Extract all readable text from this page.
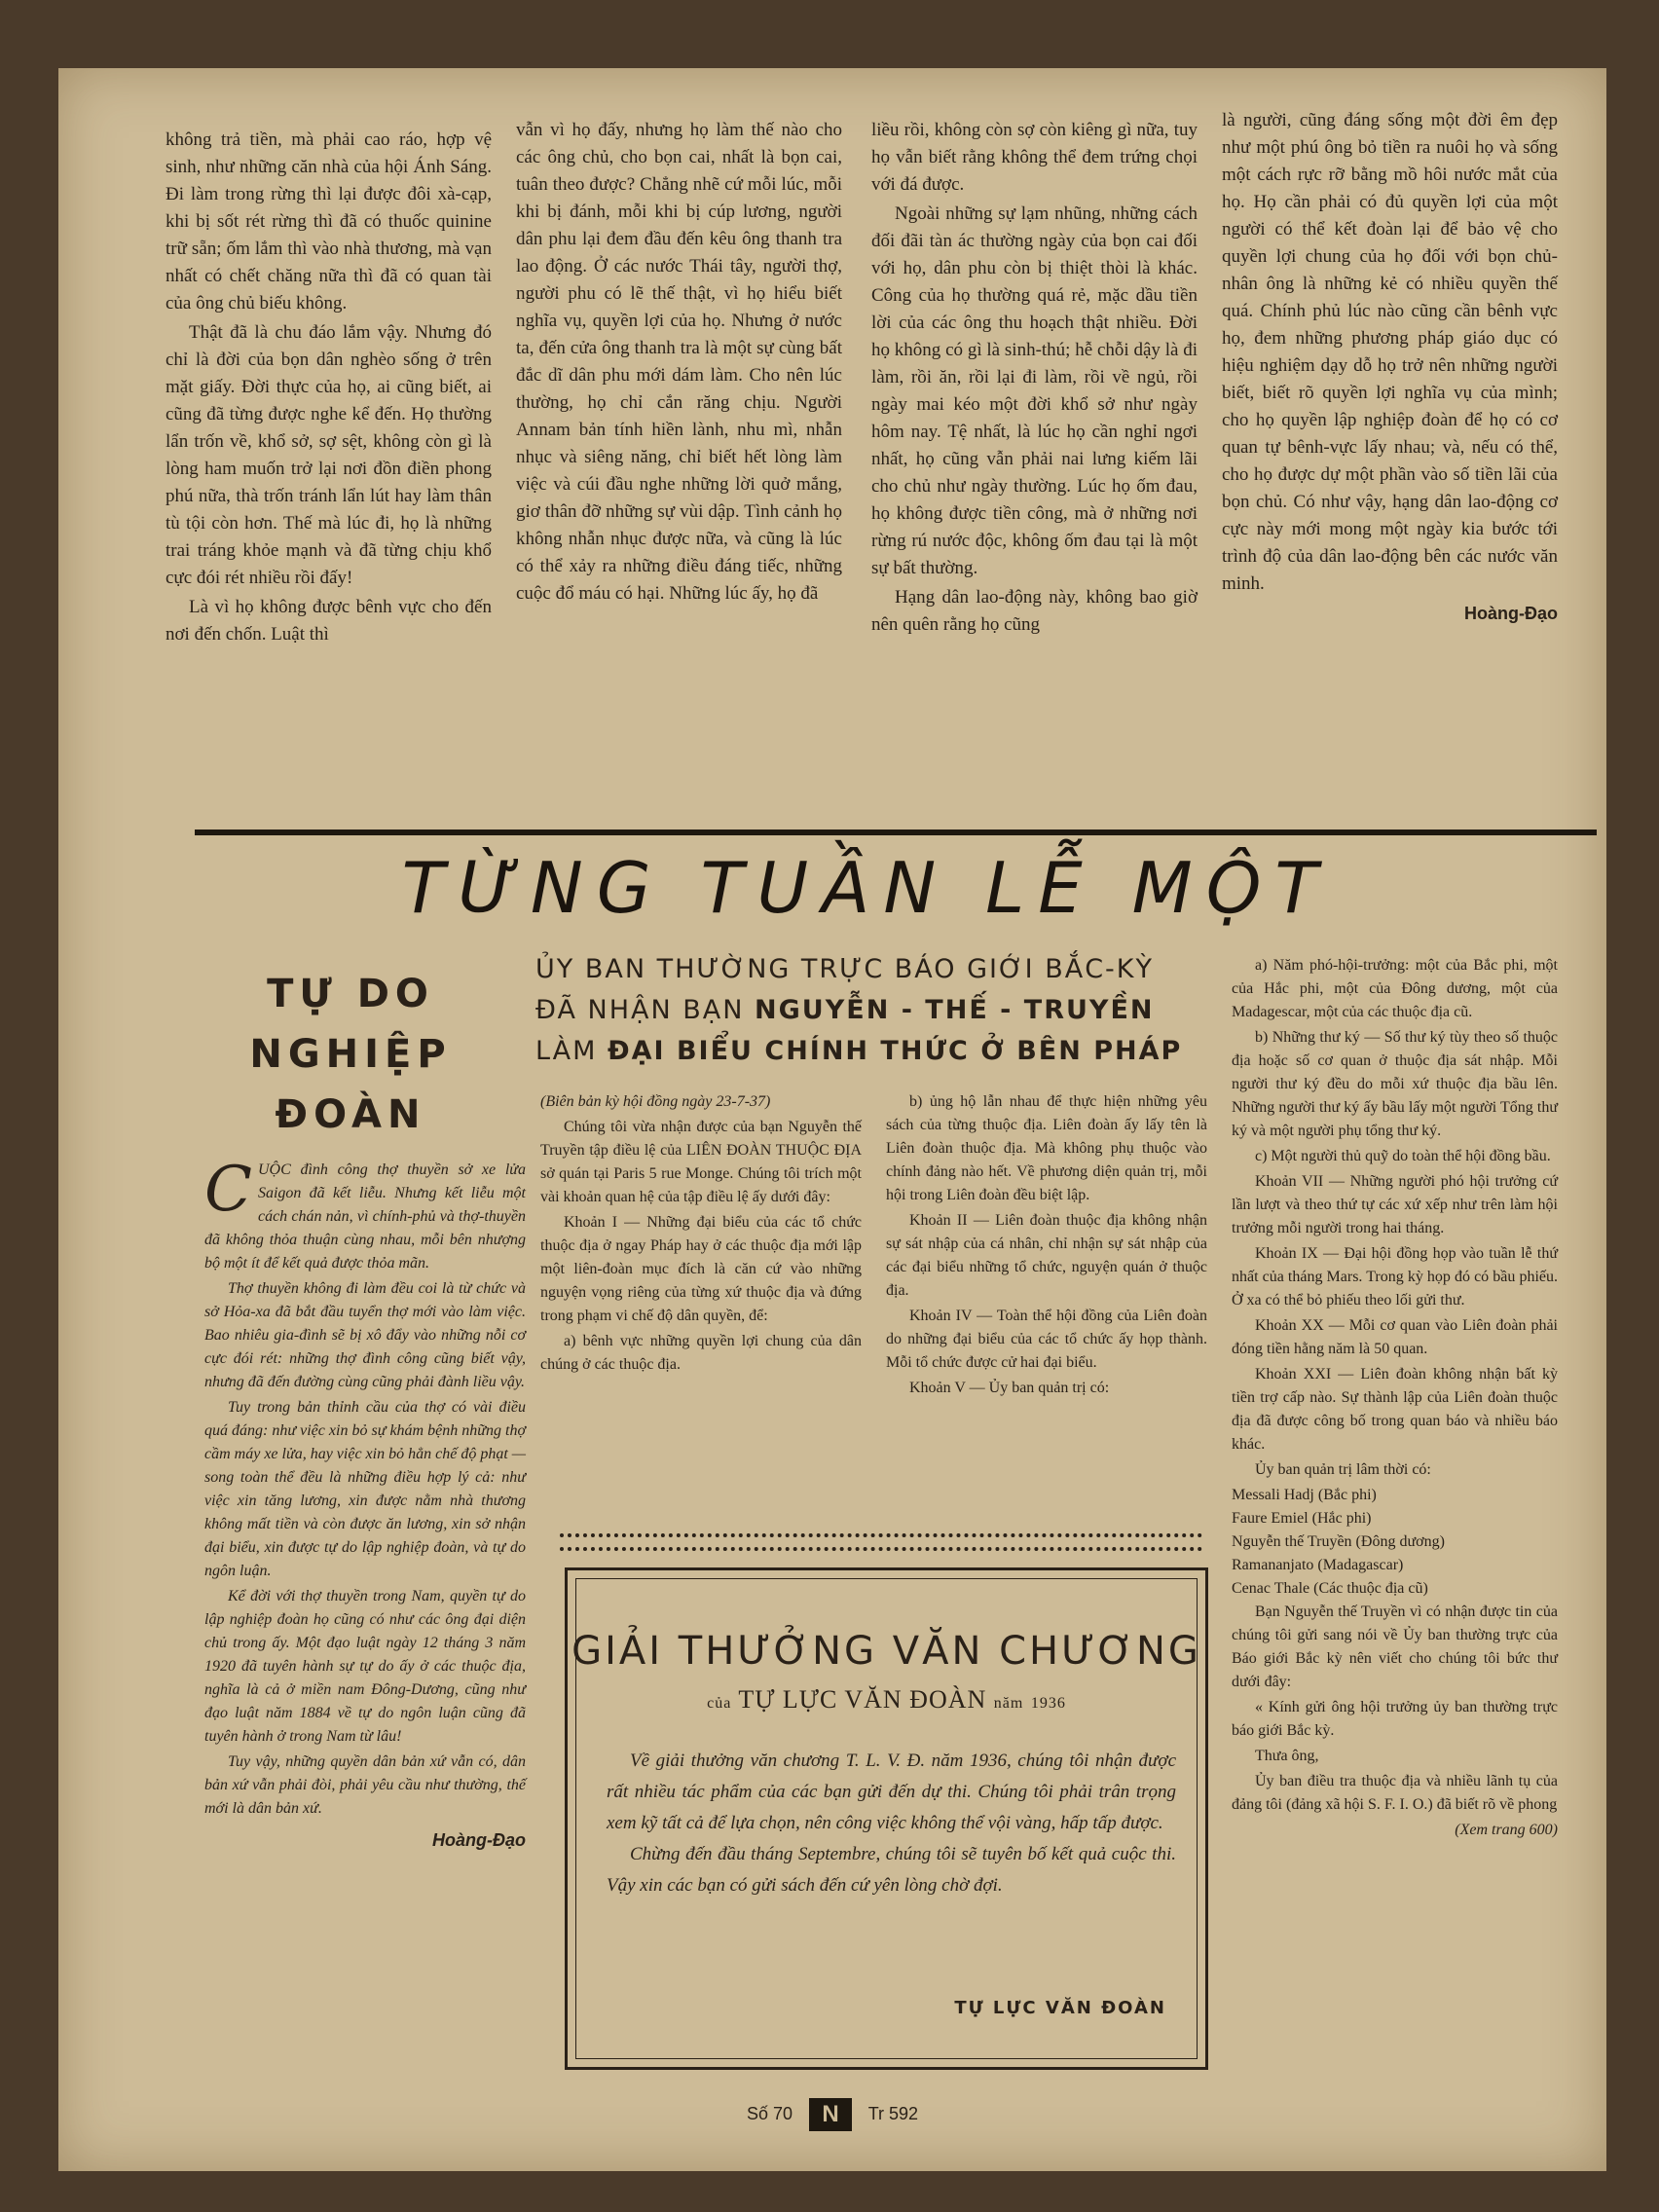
không trả tiền, mà phải cao ráo, hợp vệ sinh, như những căn nhà của hội Ánh Sáng. Đi làm trong rừng thì lại được đôi xà-cạp, khi bị sốt rét rừng thì đã có thuốc quinine trữ sẵn; ốm lắm thì vào nhà thương, mà vạn nhất có chết chăng nữa thì đã có quan tài của ông chủ biếu không.

Thật đã là chu đáo lắm vậy. Nhưng đó chỉ là đời của bọn dân nghèo sống ở trên mặt giấy. Đời thực của họ, ai cũng biết, ai cũng đã từng được nghe kể đến. Họ thường lẩn trốn về, khổ sở, sợ sệt, không còn gì là lòng ham muốn trở lại nơi đồn điền phong phú nữa, thà trốn tránh lẩn lút hay làm thân tù tội còn hơn. Thế mà lúc đi, họ là những trai tráng khỏe mạnh và đã từng chịu khổ cực đói rét nhiều rồi đấy!

Là vì họ không được bênh vực cho đến nơi đến chốn. Luật thì

vẫn vì họ đấy, nhưng họ làm thế nào cho các ông chủ, cho bọn cai, nhất là bọn cai, tuân theo được? Chẳng nhẽ cứ mỗi lúc, mỗi khi bị đánh, mỗi khi bị cúp lương, người dân phu lại đem đầu đến kêu ông thanh tra lao động. Ở các nước Thái tây, người thợ, người phu có lẽ thế thật, vì họ hiểu biết nghĩa vụ, quyền lợi của họ. Nhưng ở nước ta, đến cửa ông thanh tra là một sự cùng bất đắc dĩ dân phu mới dám làm. Cho nên lúc thường, họ chỉ cắn răng chịu. Người Annam bản tính hiền lành, nhu mì, nhẫn nhục và siêng năng, chỉ biết hết lòng làm việc và cúi đầu nghe những lời quở mắng, giơ thân đỡ những sự vùi dập. Tình cảnh họ không nhẫn nhục được nữa, và cũng là lúc có thể xảy ra những điều đáng tiếc, những cuộc đổ máu có hại. Những lúc ấy, họ đã

liều rồi, không còn sợ còn kiêng gì nữa, tuy họ vẫn biết rằng không thể đem trứng chọi với đá được.

Ngoài những sự lạm nhũng, những cách đối đãi tàn ác thường ngày của bọn cai đối với họ, dân phu còn bị thiệt thòi là khác. Công của họ thường quá rẻ, mặc dầu tiền lời của các ông thu hoạch thật nhiều. Đời họ không có gì là sinh-thú; hễ chỗi dậy là đi làm, rồi ăn, rồi lại đi làm, rồi về ngủ, rồi ngày mai kéo một đời khổ sở như ngày hôm nay. Tệ nhất, là lúc họ cần nghỉ ngơi nhất, họ cũng vẫn phải nai lưng kiếm lãi cho chủ như ngày thường. Lúc họ ốm đau, họ không được tiền công, mà ở những nơi rừng rú nước độc, không ốm đau tại là một sự bất thường.

Hạng dân lao-động này, không bao giờ nên quên rằng họ cũng

là người, cũng đáng sống một đời êm đẹp như một phú ông bỏ tiền ra nuôi họ và sống một cách rực rỡ bằng mồ hôi nước mắt của họ. Họ cần phải có đủ quyền lợi của một người có thể kết đoàn lại để bảo vệ cho quyền lợi chung của họ đối với bọn chủ-nhân ông là những kẻ có nhiều quyền thế quá. Chính phủ lúc nào cũng cần bênh vực họ, đem những phương pháp giáo dục có hiệu nghiệm dạy dỗ họ trở nên những người biết, biết rõ quyền lợi nghĩa vụ của mình; cho họ quyền lập nghiệp đoàn để họ có cơ quan tự bênh-vực lấy nhau; và, nếu có thể, cho họ được dự một phần vào số tiền lãi của bọn chủ. Có như vậy, hạng dân lao-động cơ cực này mới mong một ngày kia bước tới trình độ của dân lao-động bên các nước văn minh.

Hoàng-Đạo
TỪNG TUẦN LỄ MỘT
TỰ DO
NGHIỆP
ĐOÀN

CUỘC đình công thợ thuyền sở xe lửa Saigon đã kết liễu. Nhưng kết liễu một cách chán nản, vì chính-phủ và thợ-thuyền đã không thỏa thuận cùng nhau, mỗi bên nhượng bộ một ít để kết quả được thỏa mãn.

Thợ thuyền không đi làm đều coi là từ chức và sở Hỏa-xa đã bắt đầu tuyển thợ mới vào làm việc. Bao nhiêu gia-đình sẽ bị xô đẩy vào những nỗi cơ cực đói rét: những thợ đình công cũng biết vậy, nhưng đã đến đường cùng cũng phải đành liều vậy.

Tuy trong bản thỉnh cầu của thợ có vài điều quá đáng: như việc xin bỏ sự khám bệnh những thợ cầm máy xe lửa, hay việc xin bỏ hẳn chế độ phạt — song toàn thể đều là những điều hợp lý cả: như việc xin tăng lương, xin được nằm nhà thương không mất tiền và còn được ăn lương, xin sở nhận đại biểu, xin được tự do lập nghiệp đoàn, và tự do ngôn luận.

Kể đời với thợ thuyền trong Nam, quyền tự do lập nghiệp đoàn họ cũng có như các ông đại diện chủ trong ấy. Một đạo luật ngày 12 tháng 3 năm 1920 đã tuyên hành sự tự do ấy ở các thuộc địa, nghĩa là cả ở miền nam Đông-Dương, cũng như đạo luật năm 1884 về tự do ngôn luận cũng đã tuyên hành ở trong Nam từ lâu!

Tuy vậy, những quyền dân bản xứ vẫn có, dân bản xứ vẫn phải đòi, phải yêu cầu như thường, thế mới là dân bản xứ.

Hoàng-Đạo
ỦY BAN THƯỜNG TRỰC BÁO GIỚI BẮC-KỲ
ĐÃ NHẬN BẠN NGUYỄN - THẾ - TRUYỀN
LÀM ĐẠI BIỂU CHÍNH THỨC Ở BÊN PHÁP

(Biên bản kỳ hội đồng ngày 23-7-37)

Chúng tôi vừa nhận được của bạn Nguyễn thế Truyền tập điều lệ của LIÊN ĐOÀN THUỘC ĐỊA sở quán tại Paris 5 rue Monge. Chúng tôi trích một vài khoản quan hệ của tập điều lệ ấy dưới đây:

Khoản I — Những đại biểu của các tổ chức thuộc địa ở ngay Pháp hay ở các thuộc địa mới lập một liên-đoàn mục đích là căn cứ vào những nguyện vọng riêng của từng xứ thuộc địa và đứng trong phạm vi chế độ dân quyền, để:

a) bênh vực những quyền lợi chung của dân chúng ở các thuộc địa.

b) ủng hộ lẫn nhau để thực hiện những yêu sách của từng thuộc địa. Liên đoàn ấy lấy tên là Liên đoàn thuộc địa. Mà không phụ thuộc vào chính đảng nào hết. Về phương diện quản trị, mỗi hội trong Liên đoàn đều biệt lập.

Khoản II — Liên đoàn thuộc địa không nhận sự sát nhập của cá nhân, chỉ nhận sự sát nhập của các đại biểu những tổ chức, nguyện quán ở thuộc địa.

Khoản IV — Toàn thể hội đồng của Liên đoàn do những đại biểu của các tổ chức ấy họp thành. Mỗi tổ chức được cử hai đại biểu.

Khoản V — Ủy ban quản trị có:

a) Năm phó-hội-trưởng: một của Bắc phi, một của Hắc phi, một của Đông dương, một của Madagescar, một của các thuộc địa cũ.

b) Những thư ký — Số thư ký tùy theo số thuộc địa hoặc số cơ quan ở thuộc địa sát nhập. Mỗi người thư ký đều do mỗi xứ thuộc địa bầu lên. Những người thư ký ấy bầu lấy một người Tổng thư ký và một người phụ tổng thư ký.

c) Một người thủ quỹ do toàn thể hội đồng bầu.

Khoản VII — Những người phó hội trưởng cứ lần lượt và theo thứ tự các xứ xếp như trên làm hội trưởng mỗi người trong hai tháng.

Khoản IX — Đại hội đồng họp vào tuần lễ thứ nhất của tháng Mars. Trong kỳ họp đó có bầu phiếu. Ở xa có thể bỏ phiếu theo lối gửi thư.

Khoản XX — Mỗi cơ quan vào Liên đoàn phải đóng tiền hằng năm là 50 quan.

Khoản XXI — Liên đoàn không nhận bất kỳ tiền trợ cấp nào. Sự thành lập của Liên đoàn thuộc địa đã được công bố trong quan báo và nhiều báo khác.

Ủy ban quản trị lâm thời có:

Messali Hadj (Bắc phi)
Faure Emiel (Hắc phi)
Nguyễn thế Truyền (Đông dương)
Ramananjato (Madagascar)
Cenac Thale (Các thuộc địa cũ)

Bạn Nguyễn thế Truyền vì có nhận được tin của chúng tôi gửi sang nói về Ủy ban thường trực của Báo giới Bắc kỳ nên viết cho chúng tôi bức thư dưới đây:

« Kính gửi ông hội trưởng ủy ban thường trực báo giới Bắc kỳ.

Thưa ông,

Ủy ban điều tra thuộc địa và nhiều lãnh tụ của đảng tôi (đảng xã hội S. F. I. O.) đã biết rõ về phong

(Xem trang 600)
GIẢI THƯỞNG VĂN CHƯƠNG
của TỰ LỰC VĂN ĐOÀN năm 1936

Về giải thưởng văn chương T. L. V. Đ. năm 1936, chúng tôi nhận được rất nhiều tác phẩm của các bạn gửi đến dự thi. Chúng tôi phải trân trọng xem kỹ tất cả để lựa chọn, nên công việc không thể vội vàng, hấp tấp được.

Chừng đến đầu tháng Septembre, chúng tôi sẽ tuyên bố kết quả cuộc thi. Vậy xin các bạn có gửi sách đến cứ yên lòng chờ đợi.

TỰ LỰC VĂN ĐOÀN
Số 70 N Tr 592
